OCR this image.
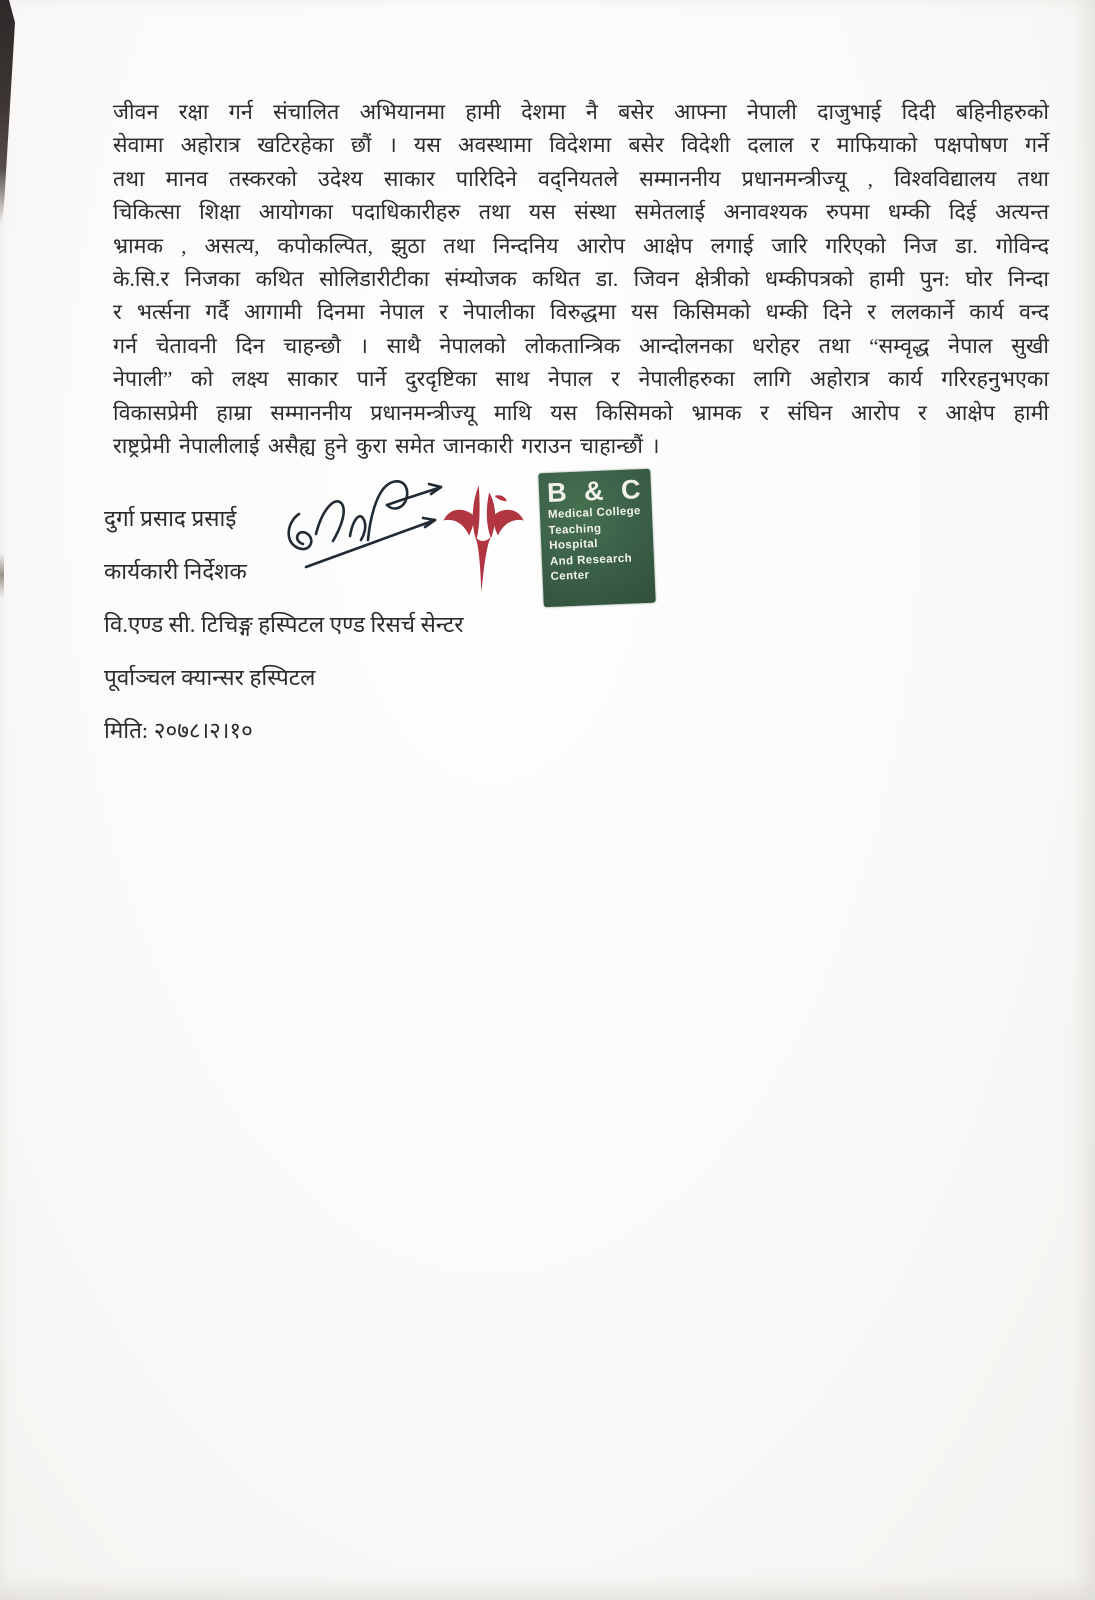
जीवन रक्षा गर्न संचालित अभियानमा हामी देशमा नै बसेर आफ्ना नेपाली दाजुभाई दिदी बहिनीहरुको
सेवामा अहोरात्र खटिरहेका छौं । यस अवस्थामा विदेशमा बसेर विदेशी दलाल र माफियाको पक्षपोषण गर्ने
तथा मानव तस्करको उदेश्य साकार पारिदिने वद्नियतले सम्माननीय प्रधानमन्त्रीज्यू , विश्वविद्यालय तथा
चिकित्सा शिक्षा आयोगका पदाधिकारीहरु तथा यस संस्था समेतलाई अनावश्यक रुपमा धम्की दिई अत्यन्त
भ्रामक , असत्य, कपोकल्पित, झुठा तथा निन्दनिय आरोप आक्षेप लगाई जारि गरिएको निज डा. गोविन्द
के.सि.र निजका कथित सोलिडारीटीका संम्योजक कथित डा. जिवन क्षेत्रीको धम्कीपत्रको हामी पुन: घोर निन्दा
र भर्त्सना गर्दै आगामी दिनमा नेपाल र नेपालीका विरुद्धमा यस किसिमको धम्की दिने र ललकार्ने कार्य वन्द
गर्न चेतावनी दिन चाहन्छौ । साथै नेपालको लोकतान्त्रिक आन्दोलनका धरोहर तथा “सम्वृद्ध नेपाल सुखी
नेपाली” को लक्ष्य साकार पार्ने दुरदृष्टिका साथ नेपाल र नेपालीहरुका लागि अहोरात्र कार्य गरिरहनुभएका
विकासप्रेमी हाम्रा सम्माननीय प्रधानमन्त्रीज्यू माथि यस किसिमको भ्रामक र संघिन आरोप र आक्षेप हामी
राष्ट्रप्रेमी नेपालीलाई असैह्य हुने कुरा समेत जानकारी गराउन चाहान्छौं ।
B & C
Medical College
Teaching
Hospital
And Research
Center

दुर्गा प्रसाद प्रसाई

कार्यकारी निर्देशक

वि.एण्ड सी. टिचिङ्ग हस्पिटल एण्ड रिसर्च सेन्टर

पूर्वाञ्चल क्यान्सर हस्पिटल

मिति: २०७८।२।१०
